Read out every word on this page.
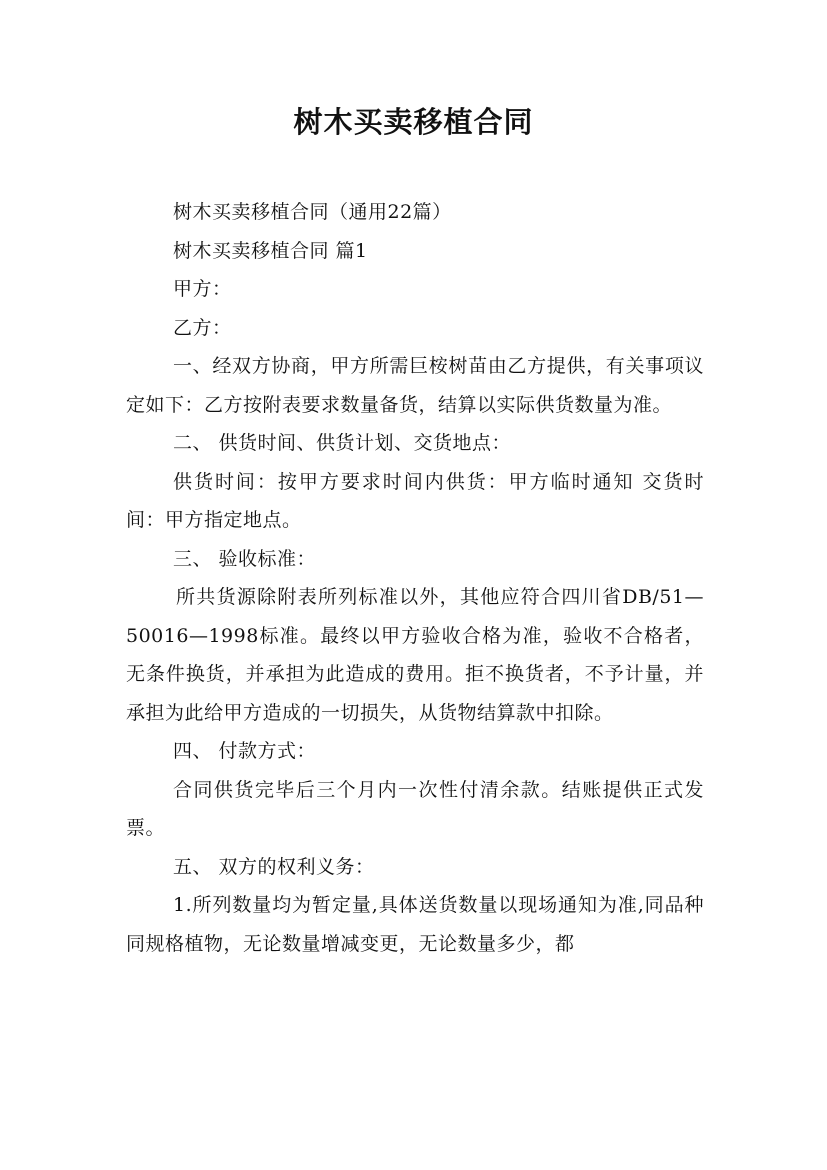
树木买卖移植合同

树木买卖移植合同（通用22篇）

树木买卖移植合同 篇1

甲方：

乙方：

一、经双方协商，甲方所需巨桉树苗由乙方提供，有关事项议定如下：乙方按附表要求数量备货，结算以实际供货数量为准。

二、 供货时间、供货计划、交货地点：

供货时间：按甲方要求时间内供货：甲方临时通知 交货时间：甲方指定地点。

三、 验收标准：

所共货源除附表所列标准以外，其他应符合四川省DB/51—50016—1998标准。最终以甲方验收合格为准，验收不合格者，无条件换货，并承担为此造成的费用。拒不换货者，不予计量，并承担为此给甲方造成的一切损失，从货物结算款中扣除。

四、 付款方式：

合同供货完毕后三个月内一次性付清余款。结账提供正式发票。

五、 双方的权利义务：

1.所列数量均为暂定量,具体送货数量以现场通知为准,同品种同规格植物，无论数量增减变更，无论数量多少，都
